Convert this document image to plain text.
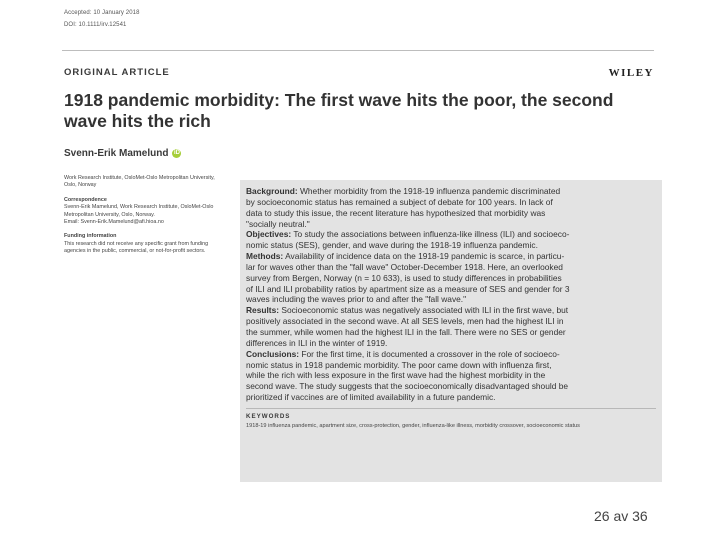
Accepted: 10 January 2018
DOI: 10.1111/irv.12541
ORIGINAL ARTICLE	WILEY
1918 pandemic morbidity: The first wave hits the poor, the second wave hits the rich
Svenn-Erik Mamelund iD
Work Research Institute, OsloMet-Oslo Metropolitan University, Oslo, Norway
Correspondence
Svenn-Erik Mamelund, Work Research Institute, OsloMet-Oslo Metropolitan University, Oslo, Norway.
Email: Svenn-Erik.Mamelund@afi.hioa.no
Funding information
This research did not receive any specific grant from funding agencies in the public, commercial, or not-for-profit sectors.

Background: Whether morbidity from the 1918-19 influenza pandemic discriminated

by socioeconomic status has remained a subject of debate for 100 years. In lack of

data to study this issue, the recent literature has hypothesized that morbidity was

"socially neutral."

Objectives: To study the associations between influenza-like illness (ILI) and socioeco-

nomic status (SES), gender, and wave during the 1918-19 influenza pandemic.

Methods: Availability of incidence data on the 1918-19 pandemic is scarce, in particu-

lar for waves other than the "fall wave" October-December 1918. Here, an overlooked

survey from Bergen, Norway (n = 10 633), is used to study differences in probabilities

of ILI and ILI probability ratios by apartment size as a measure of SES and gender for 3

waves including the waves prior to and after the "fall wave."

Results: Socioeconomic status was negatively associated with ILI in the first wave, but

positively associated in the second wave. At all SES levels, men had the highest ILI in

the summer, while women had the highest ILI in the fall. There were no SES or gender

differences in ILI in the winter of 1919.

Conclusions: For the first time, it is documented a crossover in the role of socioeco-

nomic status in 1918 pandemic morbidity. The poor came down with influenza first,

while the rich with less exposure in the first wave had the highest morbidity in the

second wave. The study suggests that the socioeconomically disadvantaged should be

prioritized if vaccines are of limited availability in a future pandemic.

KEYWORDS
1918-19 influenza pandemic, apartment size, cross-protection, gender, influenza-like illness, morbidity crossover, socioeconomic status
26 av 36
